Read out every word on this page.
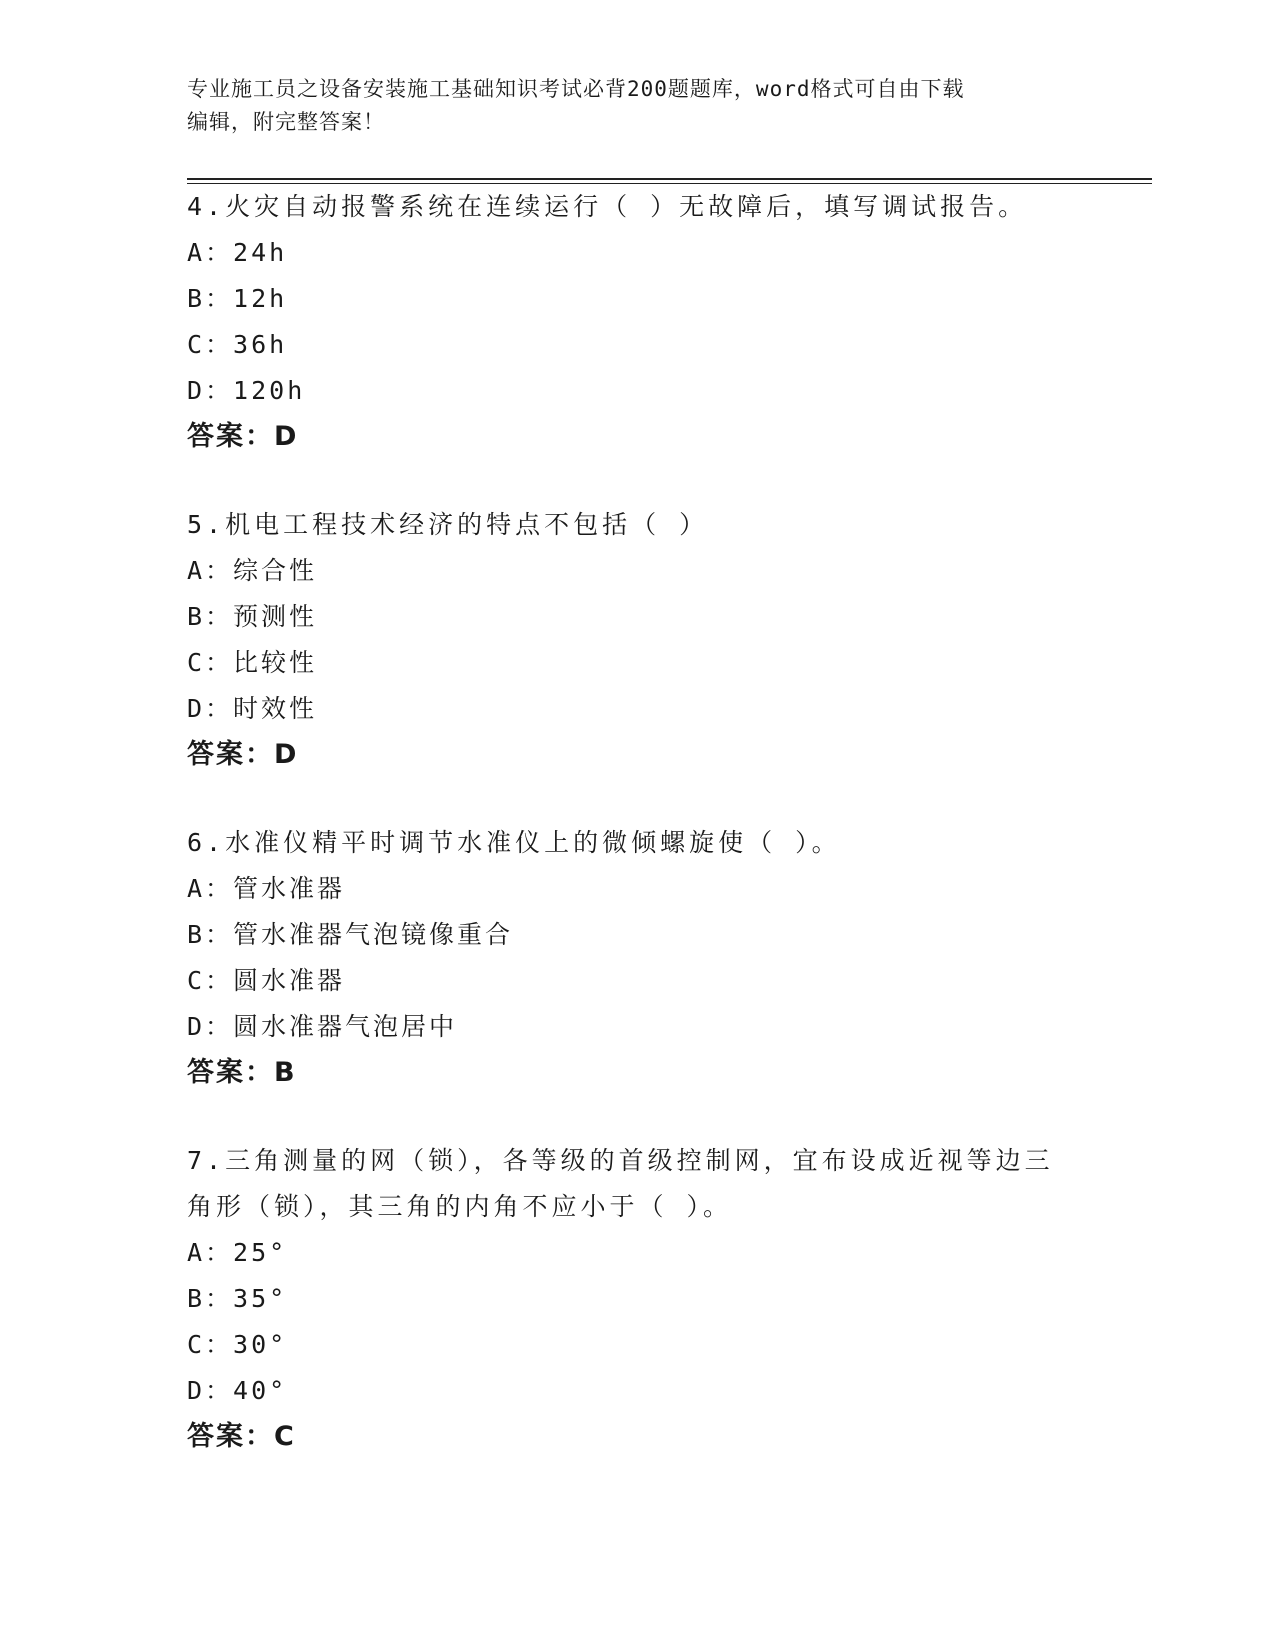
专业施工员之设备安装施工基础知识考试必背200题题库，word格式可自由下载
编辑，附完整答案！
4.火灾自动报警系统在连续运行（ ）无故障后，填写调试报告。
A：24h
B：12h
C：36h
D：120h
答案：D
5.机电工程技术经济的特点不包括（ ）
A：综合性
B：预测性
C：比较性
D：时效性
答案：D
6.水准仪精平时调节水准仪上的微倾螺旋使（ ）。
A：管水准器
B：管水准器气泡镜像重合
C：圆水准器
D：圆水准器气泡居中
答案：B
7.三角测量的网（锁），各等级的首级控制网，宜布设成近视等边三
角形（锁），其三角的内角不应小于（ ）。
A：25°
B：35°
C：30°
D：40°
答案：C
